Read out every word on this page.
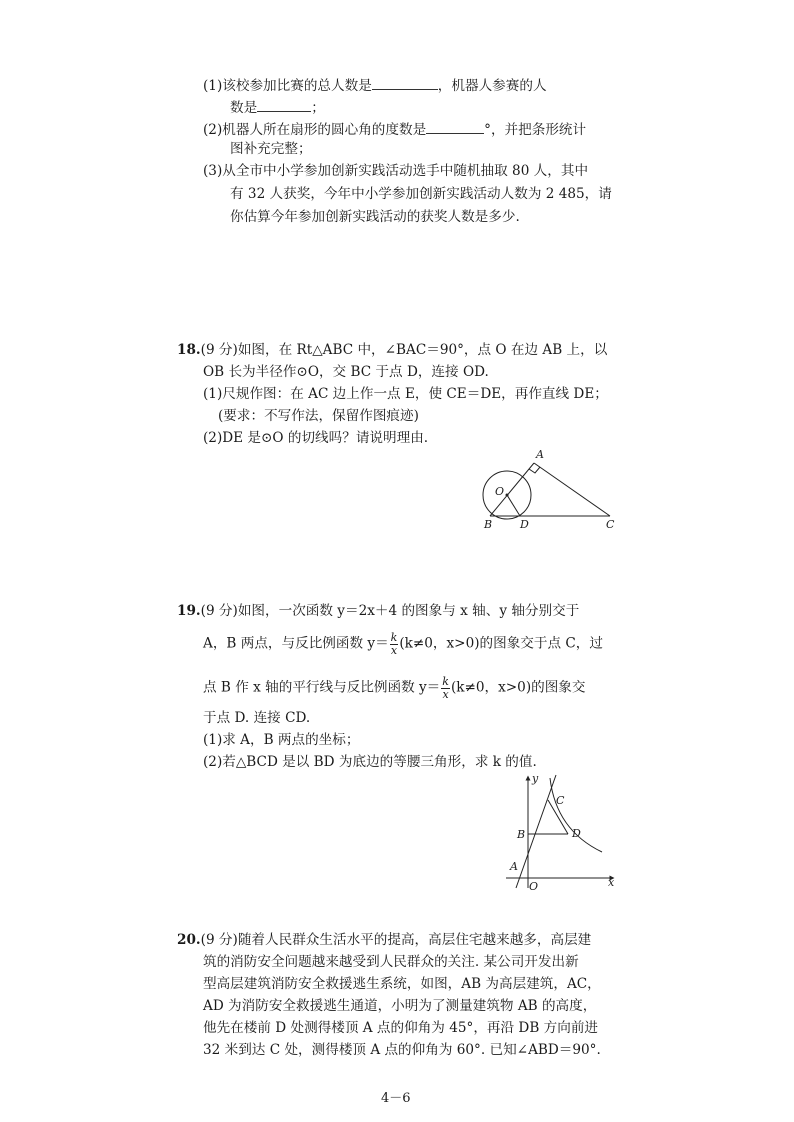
(1)该校参加比赛的总人数是	，机器人参赛的人
数是	；
(2)机器人所在扇形的圆心角的度数是	°，并把条形统计
图补充完整；
(3)从全市中小学参加创新实践活动选手中随机抽取 80 人，其中
有 32 人获奖，今年中小学参加创新实践活动人数为 2 485，请
你估算今年参加创新实践活动的获奖人数是多少.
18.(9 分)如图，在 Rt△ABC 中，∠BAC＝90°，点 O 在边 AB 上，以
OB 长为半径作⊙O，交 BC 于点 D，连接 OD.
(1)尺规作图：在 AC 边上作一点 E，使 CE＝DE，再作直线 DE；
(要求：不写作法，保留作图痕迹)
(2)DE 是⊙O 的切线吗？请说明理由.
A
O
B	D	C
19.(9 分)如图，一次函数 y＝2x＋4 的图象与 x 轴、y 轴分别交于
A，B 两点，与反比例函数 $y= \frac{k}{x} (k\ne 0$，x>0)的图象交于点 C，过
点 B 作 x 轴的平行线与反比例函数 $y= \frac{k}{x} (k\ne 0$，x>0)的图象交
于点 D. 连接 CD.
(1)求 A，B 两点的坐标；
(2)若△BCD 是以 BD 为底边的等腰三角形，求 k 的值.
y
x
C
B	D
A
O
20.(9 分)随着人民群众生活水平的提高，高层住宅越来越多，高层建
筑的消防安全问题越来越受到人民群众的关注. 某公司开发出新
型高层建筑消防安全救援逃生系统，如图，AB 为高层建筑，AC，
AD 为消防安全救援逃生通道，小明为了测量建筑物 AB 的高度，
他先在楼前 D 处测得楼顶 A 点的仰角为 45°，再沿 DB 方向前进
32 米到达 C 处，测得楼顶 A 点的仰角为 60°. 已知∠ABD＝90°.
4－6
